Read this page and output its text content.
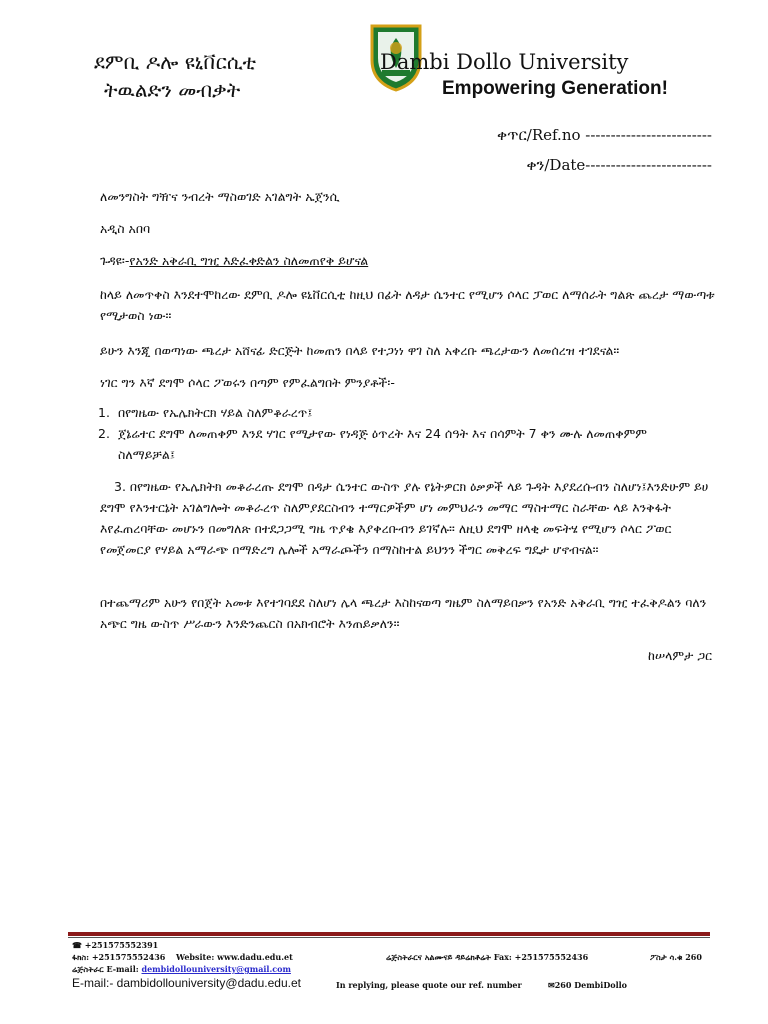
ደምቢ ዶሎ ዩኒቨርሲቲ
ትዉልድን መብቃት
Dambi Dollo University
Empowering Generation!
ቀጥር/Ref.no -------------------------
ቀን/Date-------------------------
ለመንግስት ግዥና ንብረት ማስወገድ አገልግት ኤጀንሲ
አዲስ አበባ
ጉዳዩ፡-የአንድ አቅራቢ ግዢ እድፈቀድልን ስለመጠየቅ ይሆናል
ከላይ ለመጥቀስ እንደተሞከረው ደምቢ ዶሎ ዩኒቨርሲቲ ከዚህ በፊት ለዳታ ሴንተር የሚሆን ሶላር ፓወር ለማሰራት ግልጽ ጨረታ ማውጣቱ የሚታወስ ነው።
ይሁን እንጂ በወጣነው ጫረታ አሸናፊ ድርጅት ከመጠን በላይ የተጋነነ ዋገ ስለ አቀረቡ ጫረታውን ለመሰረዝ ተገደናል።
ነገር ግን እኛ ደግሞ ሶላር ፖወሩን በጣም የምፈልግበት ምንያቶች፡-
1. በየግዜው የኤሌክትርክ ሃይል ስለምቆራረጥ፤
2. ጀኔሬተር ደግሞ ለመጠቀም እንደ ሃገር የሚታየው የነዳጅ ዕጥረት እና 24 ሰዓት እና በሳምት 7 ቀን ሙሉ ለመጠቀምም ስለማይቻል፤
3. በየግዜው የኤሌክትክ መቆራረጡ ደግሞ በዳታ ሴንተር ውስጥ ያሉ የኔትዎርክ ዕቃዎች ላይ ጉዳት እያደረሱብን ስለሆነ፤እንድሁም ይሀ ደግሞ የእንተርኔት አገልግሎት መቆራረጥ ስለምያደርስብን ተማርዎችም ሆነ መምህራን መማር ማስተማር ስራቸው ላይ እንቅፋት እየፈጠረባቸው መሆኑን በመግለጽ በተደጋጋሚ ግዜ ጥያቄ እያቀረቡብን ይገኛሉ። ለዚህ ደግሞ ዘላቂ መፍትሄ የሚሆን ሶላር ፖወር የመጀመርያ የሃይል አማራጭ በማድረግ ሌሎች አማራጮችን በማስከተል ይህንን ችግር መቅረፍ ግዴታ ሆኖብናል።
በተጨማሪም አሁን የበጀት አመቱ እየተገባደደ ስለሆነ ሌላ ጫረታ እስከናወጣ ግዜም ስለማይበቃን የአንድ አቅራቢ ግዢ ተፈቅዶልን ባለን አጭር ግዜ ውስጥ ሥራውን እንድንጨርስ በአክብሮት እንጠይቃለን።
ከሠላምታ ጋር
☎ +251575552391
ፋክስ: +251575552436 Website: www.dadu.edu.et	ሬጅስትራርና አልሙናይ ዳይሬክቶሬት Fax: +251575552436	ፖስታ ሳ.ቁ 260
ሬጅስትራር E-mail: dembidollouniversity@gmail.com
E-mail:- dambidollouniversity@dadu.edu.et	In replying, please quote our ref. number	✉260 DembiDollo
